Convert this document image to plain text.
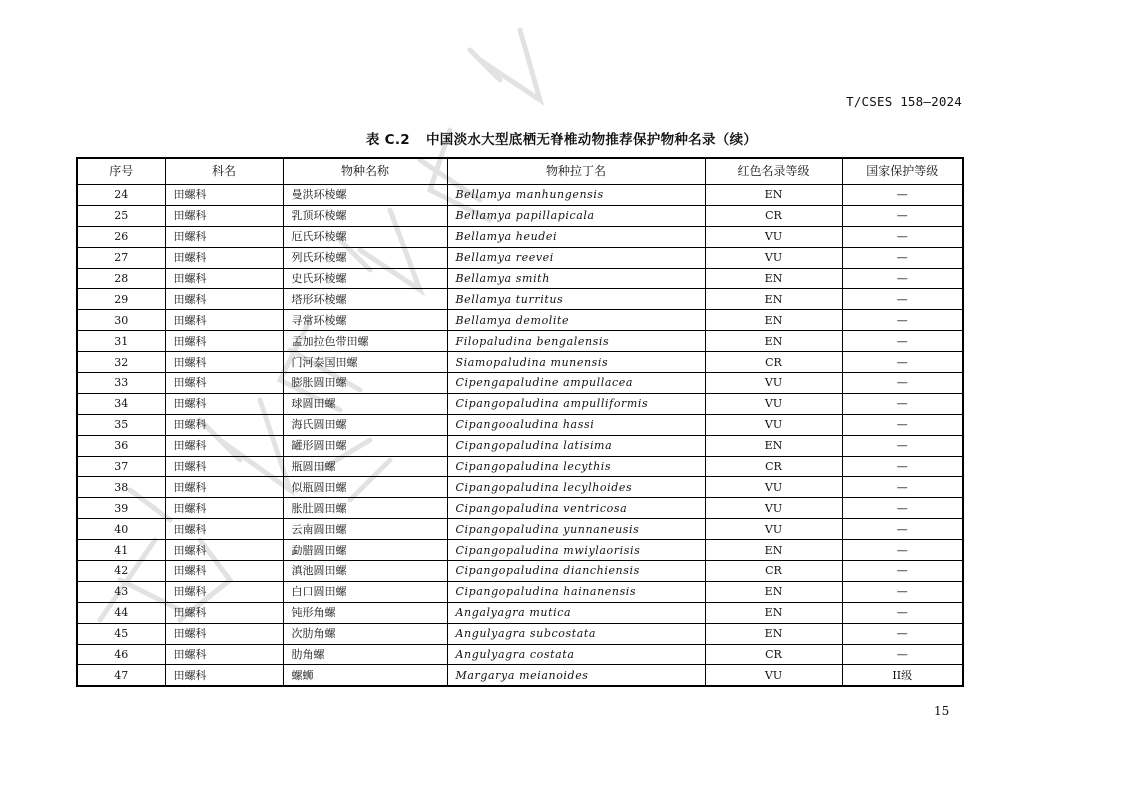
T/CSES 158—2024
表 C.2 中国淡水大型底栖无脊椎动物推荐保护物种名录（续）
序号	科名	物种名称	物种拉丁名	红色名录等级	国家保护等级
24	田螺科	曼洪环棱螺	Bellamya manhungensis	EN	—
25	田螺科	乳顶环棱螺	Bellamya papillapicala	CR	—
26	田螺科	厄氏环棱螺	Bellamya heudei	VU	—
27	田螺科	列氏环棱螺	Bellamya reevei	VU	—
28	田螺科	史氏环棱螺	Bellamya smith	EN	—
29	田螺科	塔形环棱螺	Bellamya turritus	EN	—
30	田螺科	寻常环棱螺	Bellamya demolite	EN	—
31	田螺科	孟加拉色带田螺	Filopaludina bengalensis	EN	—
32	田螺科	门河泰国田螺	Siamopaludina munensis	CR	—
33	田螺科	膨胀圆田螺	Cipengapaludine ampullacea	VU	—
34	田螺科	球圆田螺	Cipangopaludina ampulliformis	VU	—
35	田螺科	海氏圆田螺	Cipangooaludina hassi	VU	—
36	田螺科	罐形圆田螺	Cipangopaludina latisima	EN	—
37	田螺科	瓶圆田螺	Cipangopaludina lecythis	CR	—
38	田螺科	似瓶圆田螺	Cipangopaludina lecylhoides	VU	—
39	田螺科	胀肚圆田螺	Cipangopaludina ventricosa	VU	—
40	田螺科	云南圆田螺	Cipangopaludina yunnaneusis	VU	—
41	田螺科	勐腊圆田螺	Cipangopaludina mwiylaorisis	EN	—
42	田螺科	滇池圆田螺	Cipangopaludina dianchiensis	CR	—
43	田螺科	白口圆田螺	Cipangopaludina hainanensis	EN	—
44	田螺科	钝形角螺	Angalyagra mutica	EN	—
45	田螺科	次肋角螺	Angulyagra subcostata	EN	—
46	田螺科	肋角螺	Angulyagra costata	CR	—
47	田螺科	螺蛳	Margarya meianoides	VU	II级
15
